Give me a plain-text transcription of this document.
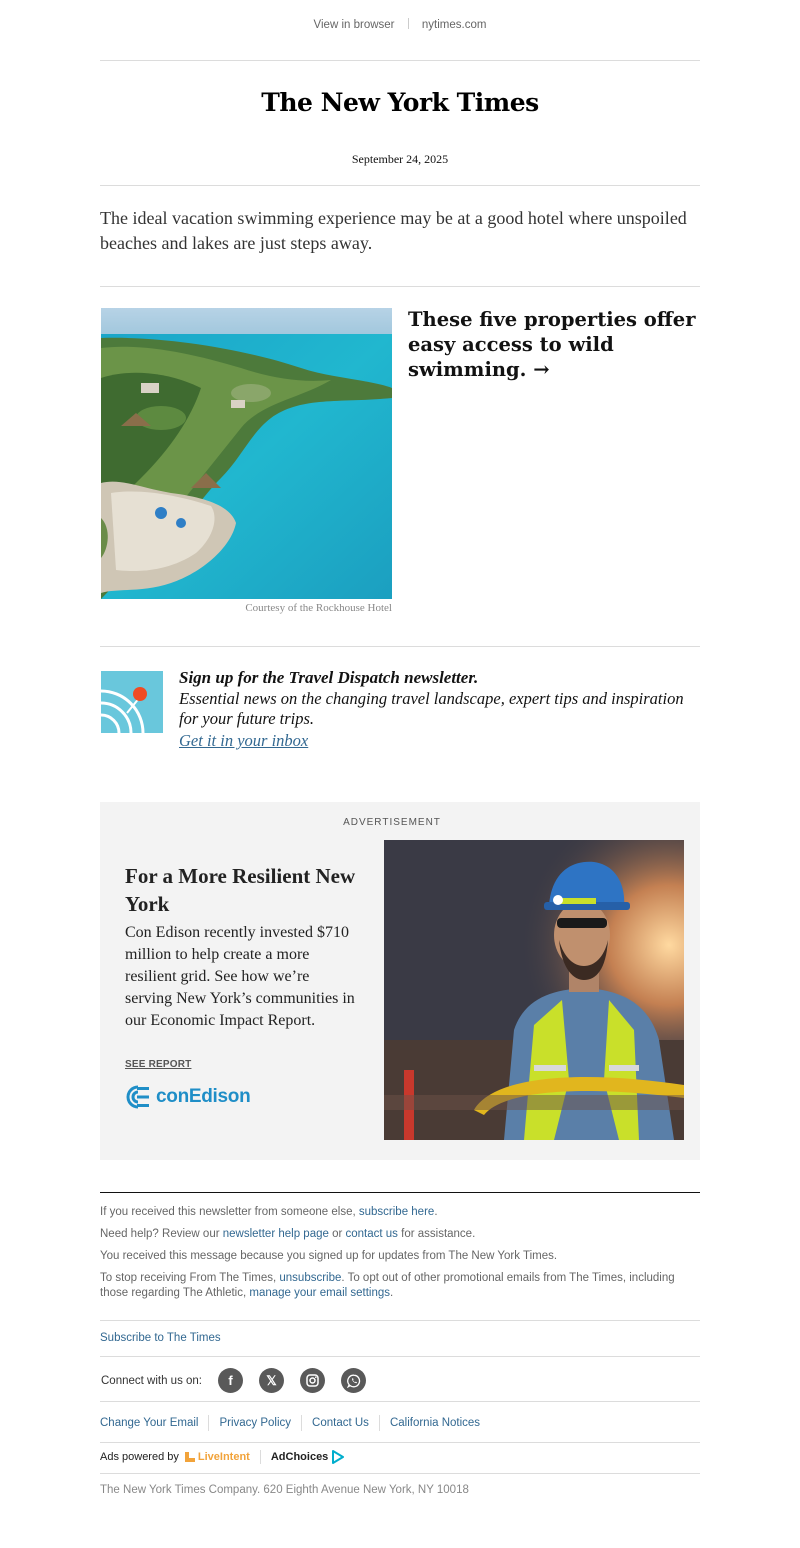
View in browser nytimes.com
The New York Times
September 24, 2025
The ideal vacation swimming experience may be at a good hotel where unspoiled beaches and lakes are just steps away.
Courtesy of the Rockhouse Hotel
These five properties offer easy access to wild swimming. →
Sign up for the Travel Dispatch newsletter.
Essential news on the changing travel landscape, expert tips and inspiration for your future trips.
Get it in your inbox
ADVERTISEMENT
For a More Resilient New York
Con Edison recently invested $710 million to help create a more resilient grid. See how we’re serving New York’s communities in our Economic Impact Report.
SEE REPORT
conEdison
If you received this newsletter from someone else, subscribe here.
Need help? Review our newsletter help page or contact us for assistance.
You received this message because you signed up for updates from The New York Times.
To stop receiving From The Times, unsubscribe. To opt out of other promotional emails from The Times, including those regarding The Athletic, manage your email settings.
Subscribe to The Times
Connect with us on:	f	𝕏
Change Your Email Privacy Policy Contact Us California Notices
Ads powered by LiveIntent AdChoices
The New York Times Company. 620 Eighth Avenue New York, NY 10018
